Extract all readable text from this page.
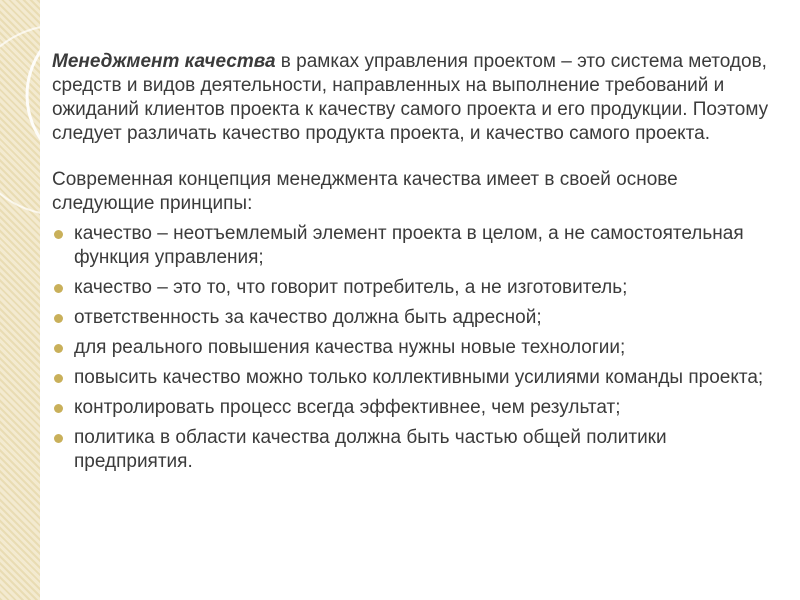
Менеджмент качества в рамках управления проектом – это система методов, средств и видов деятельности, направленных на выполнение требований и ожиданий клиентов проекта к качеству самого проекта и его продукции. Поэтому следует различать качество продукта проекта, и качество самого проекта.

Современная концепция менеджмента качества имеет в своей основе следующие принципы:

качество – неотъемлемый элемент проекта в целом, а не самостоятельная функция управления;
качество – это то, что говорит потребитель, а не изготовитель;
ответственность за качество должна быть адресной;
для реального повышения качества нужны новые технологии;
повысить качество можно только коллективными усилиями команды проекта;
контролировать процесс всегда эффективнее, чем результат;
политика в области качества должна быть частью общей политики предприятия.
